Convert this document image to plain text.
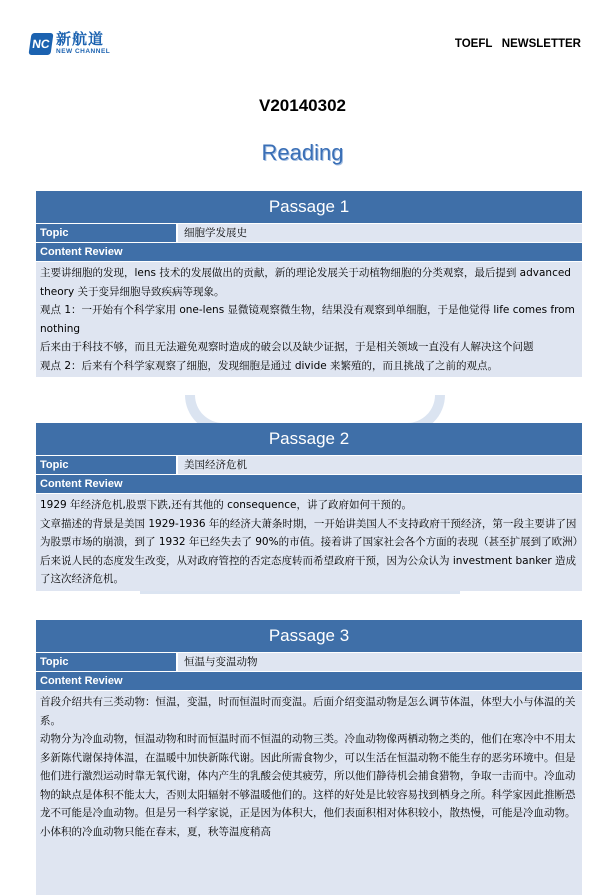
NC 新航道
NEW CHANNEL
TOEFL   NEWSLETTER
V20140302
Reading
Passage 1
Topic	细胞学发展史
Content Review

主要讲细胞的发现，lens 技术的发展做出的贡献，新的理论发展关于动植物细胞的分类观察，最后提到 advanced theory 关于变异细胞导致疾病等现象。

观点 1：一开始有个科学家用 one-lens 显微镜观察微生物，结果没有观察到单细胞，于是他觉得 life comes from nothing

后来由于科技不够，而且无法避免观察时造成的破会以及缺少证据，于是相关领域一直没有人解决这个问题

观点 2：后来有个科学家观察了细胞，发现细胞是通过 divide 来繁殖的，而且挑战了之前的观点。

Passage 2
Topic	美国经济危机
Content Review

1929 年经济危机,股票下跌,还有其他的 consequence，讲了政府如何干预的。

文章描述的背景是美国 1929-1936 年的经济大萧条时期，一开始讲美国人不支持政府干预经济，第一段主要讲了因为股票市场的崩溃，到了 1932 年已经失去了 90%的市值。接着讲了国家社会各个方面的表现（甚至扩展到了欧洲）后来说人民的态度发生改变，从对政府管控的否定态度转而希望政府干预，因为公众认为 investment banker 造成了这次经济危机。

Passage 3
Topic	恒温与变温动物
Content Review

首段介绍共有三类动物：恒温，变温，时而恒温时而变温。后面介绍变温动物是怎么调节体温，体型大小与体温的关系。

动物分为冷血动物，恒温动物和时而恒温时而不恒温的动物三类。冷血动物像两栖动物之类的，他们在寒冷中不用太多新陈代谢保持体温，在温暖中加快新陈代谢。因此所需食物少，可以生活在恒温动物不能生存的恶劣环境中。但是他们进行激烈运动时靠无氧代谢，体内产生的乳酸会使其疲劳，所以他们静待机会捕食猎物，争取一击而中。冷血动物的缺点是体积不能太大，否则太阳辐射不够温暖他们的。这样的好处是比较容易找到栖身之所。科学家因此推断恐龙不可能是冷血动物。但是另一科学家说，正是因为体积大，他们表面积相对体积较小，散热慢，可能是冷血动物。小体积的冷血动物只能在春末，夏，秋等温度稍高
